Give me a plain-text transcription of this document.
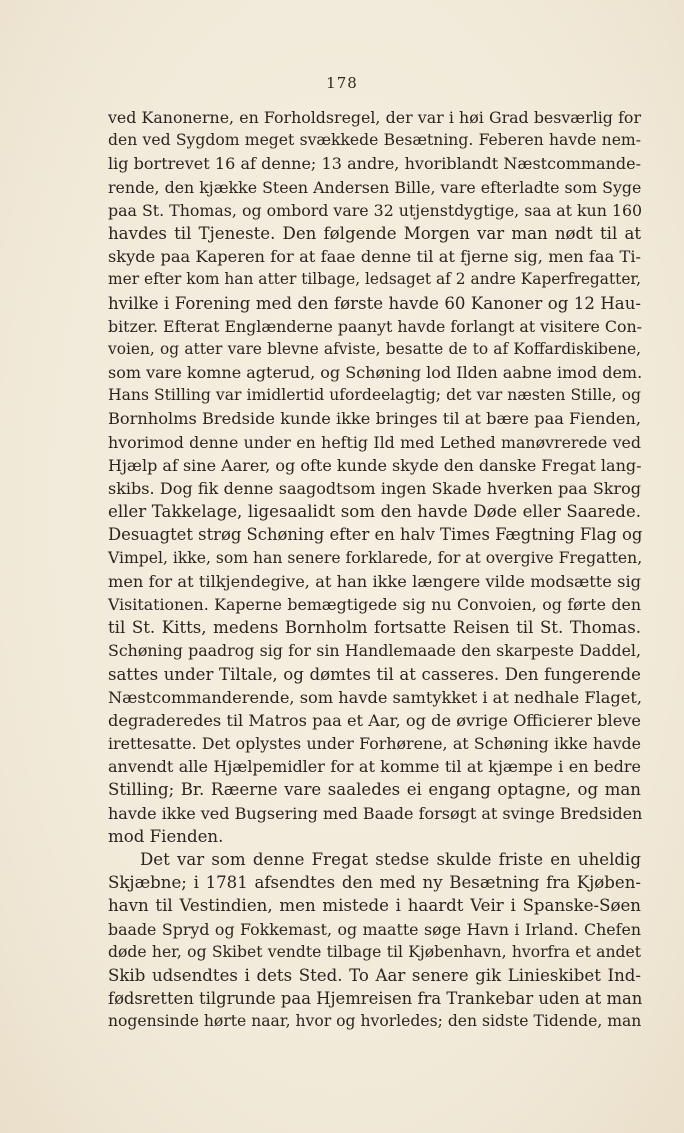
178
ved Kanonerne, en Forholdsregel, der var i høi Grad besværlig for
den ved Sygdom meget svækkede Besætning. Feberen havde nem-
lig bortrevet 16 af denne; 13 andre, hvoriblandt Næstcommande-
rende, den kjække Steen Andersen Bille, vare efterladte som Syge
paa St. Thomas, og ombord vare 32 utjenstdygtige, saa at kun 160
havdes til Tjeneste. Den følgende Morgen var man nødt til at
skyde paa Kaperen for at faae denne til at fjerne sig, men faa Ti-
mer efter kom han atter tilbage, ledsaget af 2 andre Kaperfregatter,
hvilke i Forening med den første havde 60 Kanoner og 12 Hau-
bitzer. Efterat Englænderne paanyt havde forlangt at visitere Con-
voien, og atter vare blevne afviste, besatte de to af Koffardiskibene,
som vare komne agterud, og Schøning lod Ilden aabne imod dem.
Hans Stilling var imidlertid ufordeelagtig; det var næsten Stille, og
Bornholms Bredside kunde ikke bringes til at bære paa Fienden,
hvorimod denne under en heftig Ild med Lethed manøvrerede ved
Hjælp af sine Aarer, og ofte kunde skyde den danske Fregat lang-
skibs. Dog fik denne saagodtsom ingen Skade hverken paa Skrog
eller Takkelage, ligesaalidt som den havde Døde eller Saarede.
Desuagtet strøg Schøning efter en halv Times Fægtning Flag og
Vimpel, ikke, som han senere forklarede, for at overgive Fregatten,
men for at tilkjendegive, at han ikke længere vilde modsætte sig
Visitationen. Kaperne bemægtigede sig nu Convoien, og førte den
til St. Kitts, medens Bornholm fortsatte Reisen til St. Thomas.
Schøning paadrog sig for sin Handlemaade den skarpeste Daddel,
sattes under Tiltale, og dømtes til at casseres. Den fungerende
Næstcommanderende, som havde samtykket i at nedhale Flaget,
degraderedes til Matros paa et Aar, og de øvrige Officierer bleve
irettesatte. Det oplystes under Forhørene, at Schøning ikke havde
anvendt alle Hjælpemidler for at komme til at kjæmpe i en bedre
Stilling; Br. Ræerne vare saaledes ei engang optagne, og man
havde ikke ved Bugsering med Baade forsøgt at svinge Bredsiden
mod Fienden.
Det var som denne Fregat stedse skulde friste en uheldig
Skjæbne; i 1781 afsendtes den med ny Besætning fra Kjøben-
havn til Vestindien, men mistede i haardt Veir i Spanske-Søen
baade Spryd og Fokkemast, og maatte søge Havn i Irland. Chefen
døde her, og Skibet vendte tilbage til Kjøbenhavn, hvorfra et andet
Skib udsendtes i dets Sted. To Aar senere gik Linieskibet Ind-
fødsretten tilgrunde paa Hjemreisen fra Trankebar uden at man
nogensinde hørte naar, hvor og hvorledes; den sidste Tidende, man
